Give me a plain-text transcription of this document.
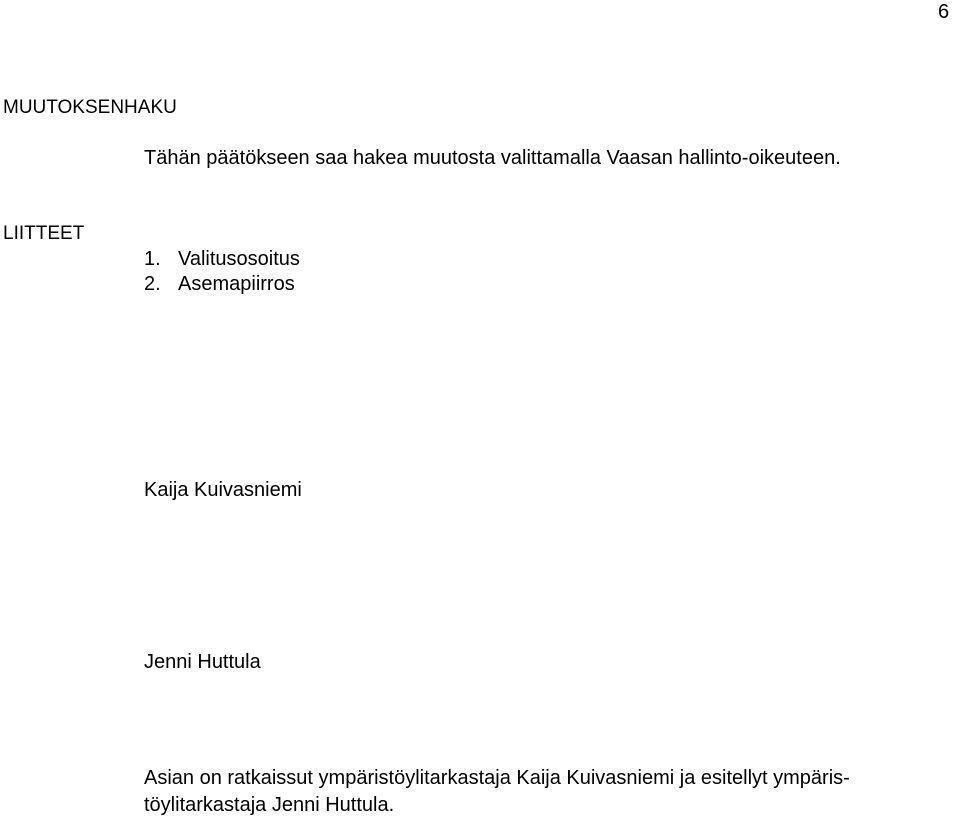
6
MUUTOKSENHAKU
Tähän päätökseen saa hakea muutosta valittamalla Vaasan hallinto-oikeuteen.
LIITTEET
1. Valitusosoitus
2. Asemapiirros
Kaija Kuivasniemi
Jenni Huttula
Asian on ratkaissut ympäristöylitarkastaja Kaija Kuivasniemi ja esitellyt ympäris-
töylitarkastaja Jenni Huttula.
